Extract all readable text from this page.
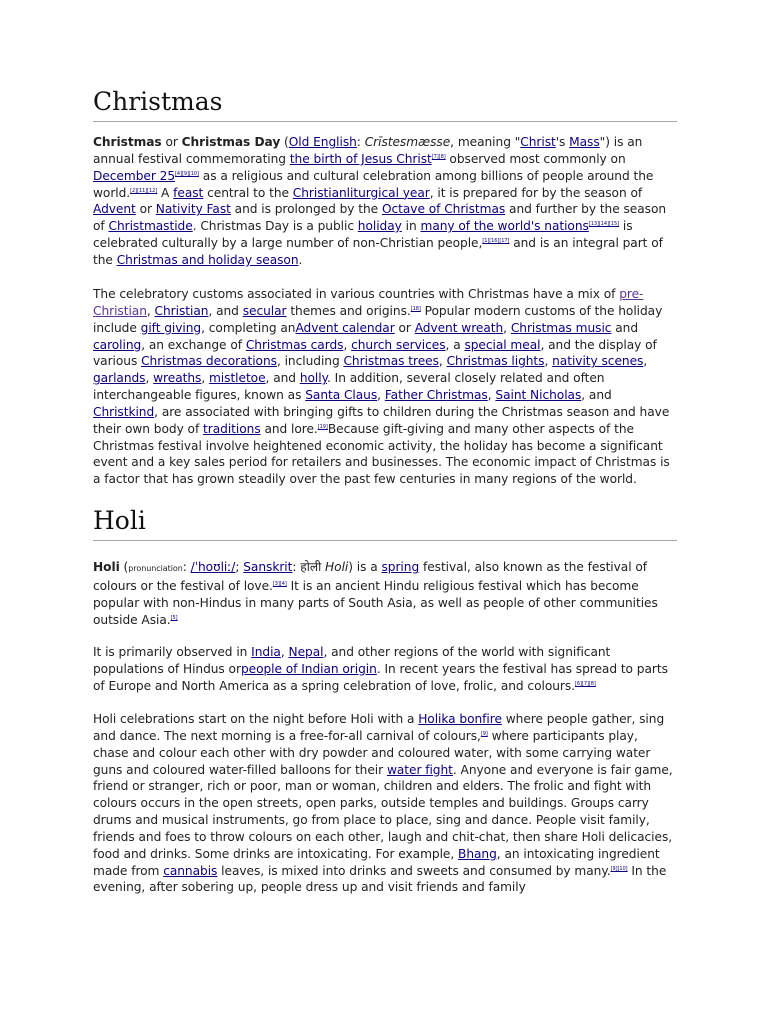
Christmas

Christmas or Christmas Day (Old English: Crīstesmæsse, meaning "Christ's Mass") is an annual festival commemorating the birth of Jesus Christ[7][8] observed most commonly on December 25[4][9][10] as a religious and cultural celebration among billions of people around the world.[2][11][12] A feast central to the Christianliturgical year, it is prepared for by the season of Advent or Nativity Fast and is prolonged by the Octave of Christmas and further by the season of Christmastide. Christmas Day is a public holiday in many of the world's nations[13][14][15] is celebrated culturally by a large number of non-Christian people,[1][16][17] and is an integral part of the Christmas and holiday season.

The celebratory customs associated in various countries with Christmas have a mix of pre-Christian, Christian, and secular themes and origins.[18] Popular modern customs of the holiday include gift giving, completing anAdvent calendar or Advent wreath, Christmas music and caroling, an exchange of Christmas cards, church services, a special meal, and the display of various Christmas decorations, including Christmas trees, Christmas lights, nativity scenes, garlands, wreaths, mistletoe, and holly. In addition, several closely related and often interchangeable figures, known as Santa Claus, Father Christmas, Saint Nicholas, and Christkind, are associated with bringing gifts to children during the Christmas season and have their own body of traditions and lore.[19]Because gift-giving and many other aspects of the Christmas festival involve heightened economic activity, the holiday has become a significant event and a key sales period for retailers and businesses. The economic impact of Christmas is a factor that has grown steadily over the past few centuries in many regions of the world.

Holi

Holi (pronunciation: /ˈhoʊliː/; Sanskrit: होली Holi) is a spring festival, also known as the festival of colours or the festival of love.[3][4] It is an ancient Hindu religious festival which has become popular with non-Hindus in many parts of South Asia, as well as people of other communities outside Asia.[5]

It is primarily observed in India, Nepal, and other regions of the world with significant populations of Hindus orpeople of Indian origin. In recent years the festival has spread to parts of Europe and North America as a spring celebration of love, frolic, and colours.[6][7][8]

Holi celebrations start on the night before Holi with a Holika bonfire where people gather, sing and dance. The next morning is a free-for-all carnival of colours,[9] where participants play, chase and colour each other with dry powder and coloured water, with some carrying water guns and coloured water-filled balloons for their water fight. Anyone and everyone is fair game, friend or stranger, rich or poor, man or woman, children and elders. The frolic and fight with colours occurs in the open streets, open parks, outside temples and buildings. Groups carry drums and musical instruments, go from place to place, sing and dance. People visit family, friends and foes to throw colours on each other, laugh and chit-chat, then share Holi delicacies, food and drinks. Some drinks are intoxicating. For example, Bhang, an intoxicating ingredient made from cannabis leaves, is mixed into drinks and sweets and consumed by many.[9][10] In the evening, after sobering up, people dress up and visit friends and family
